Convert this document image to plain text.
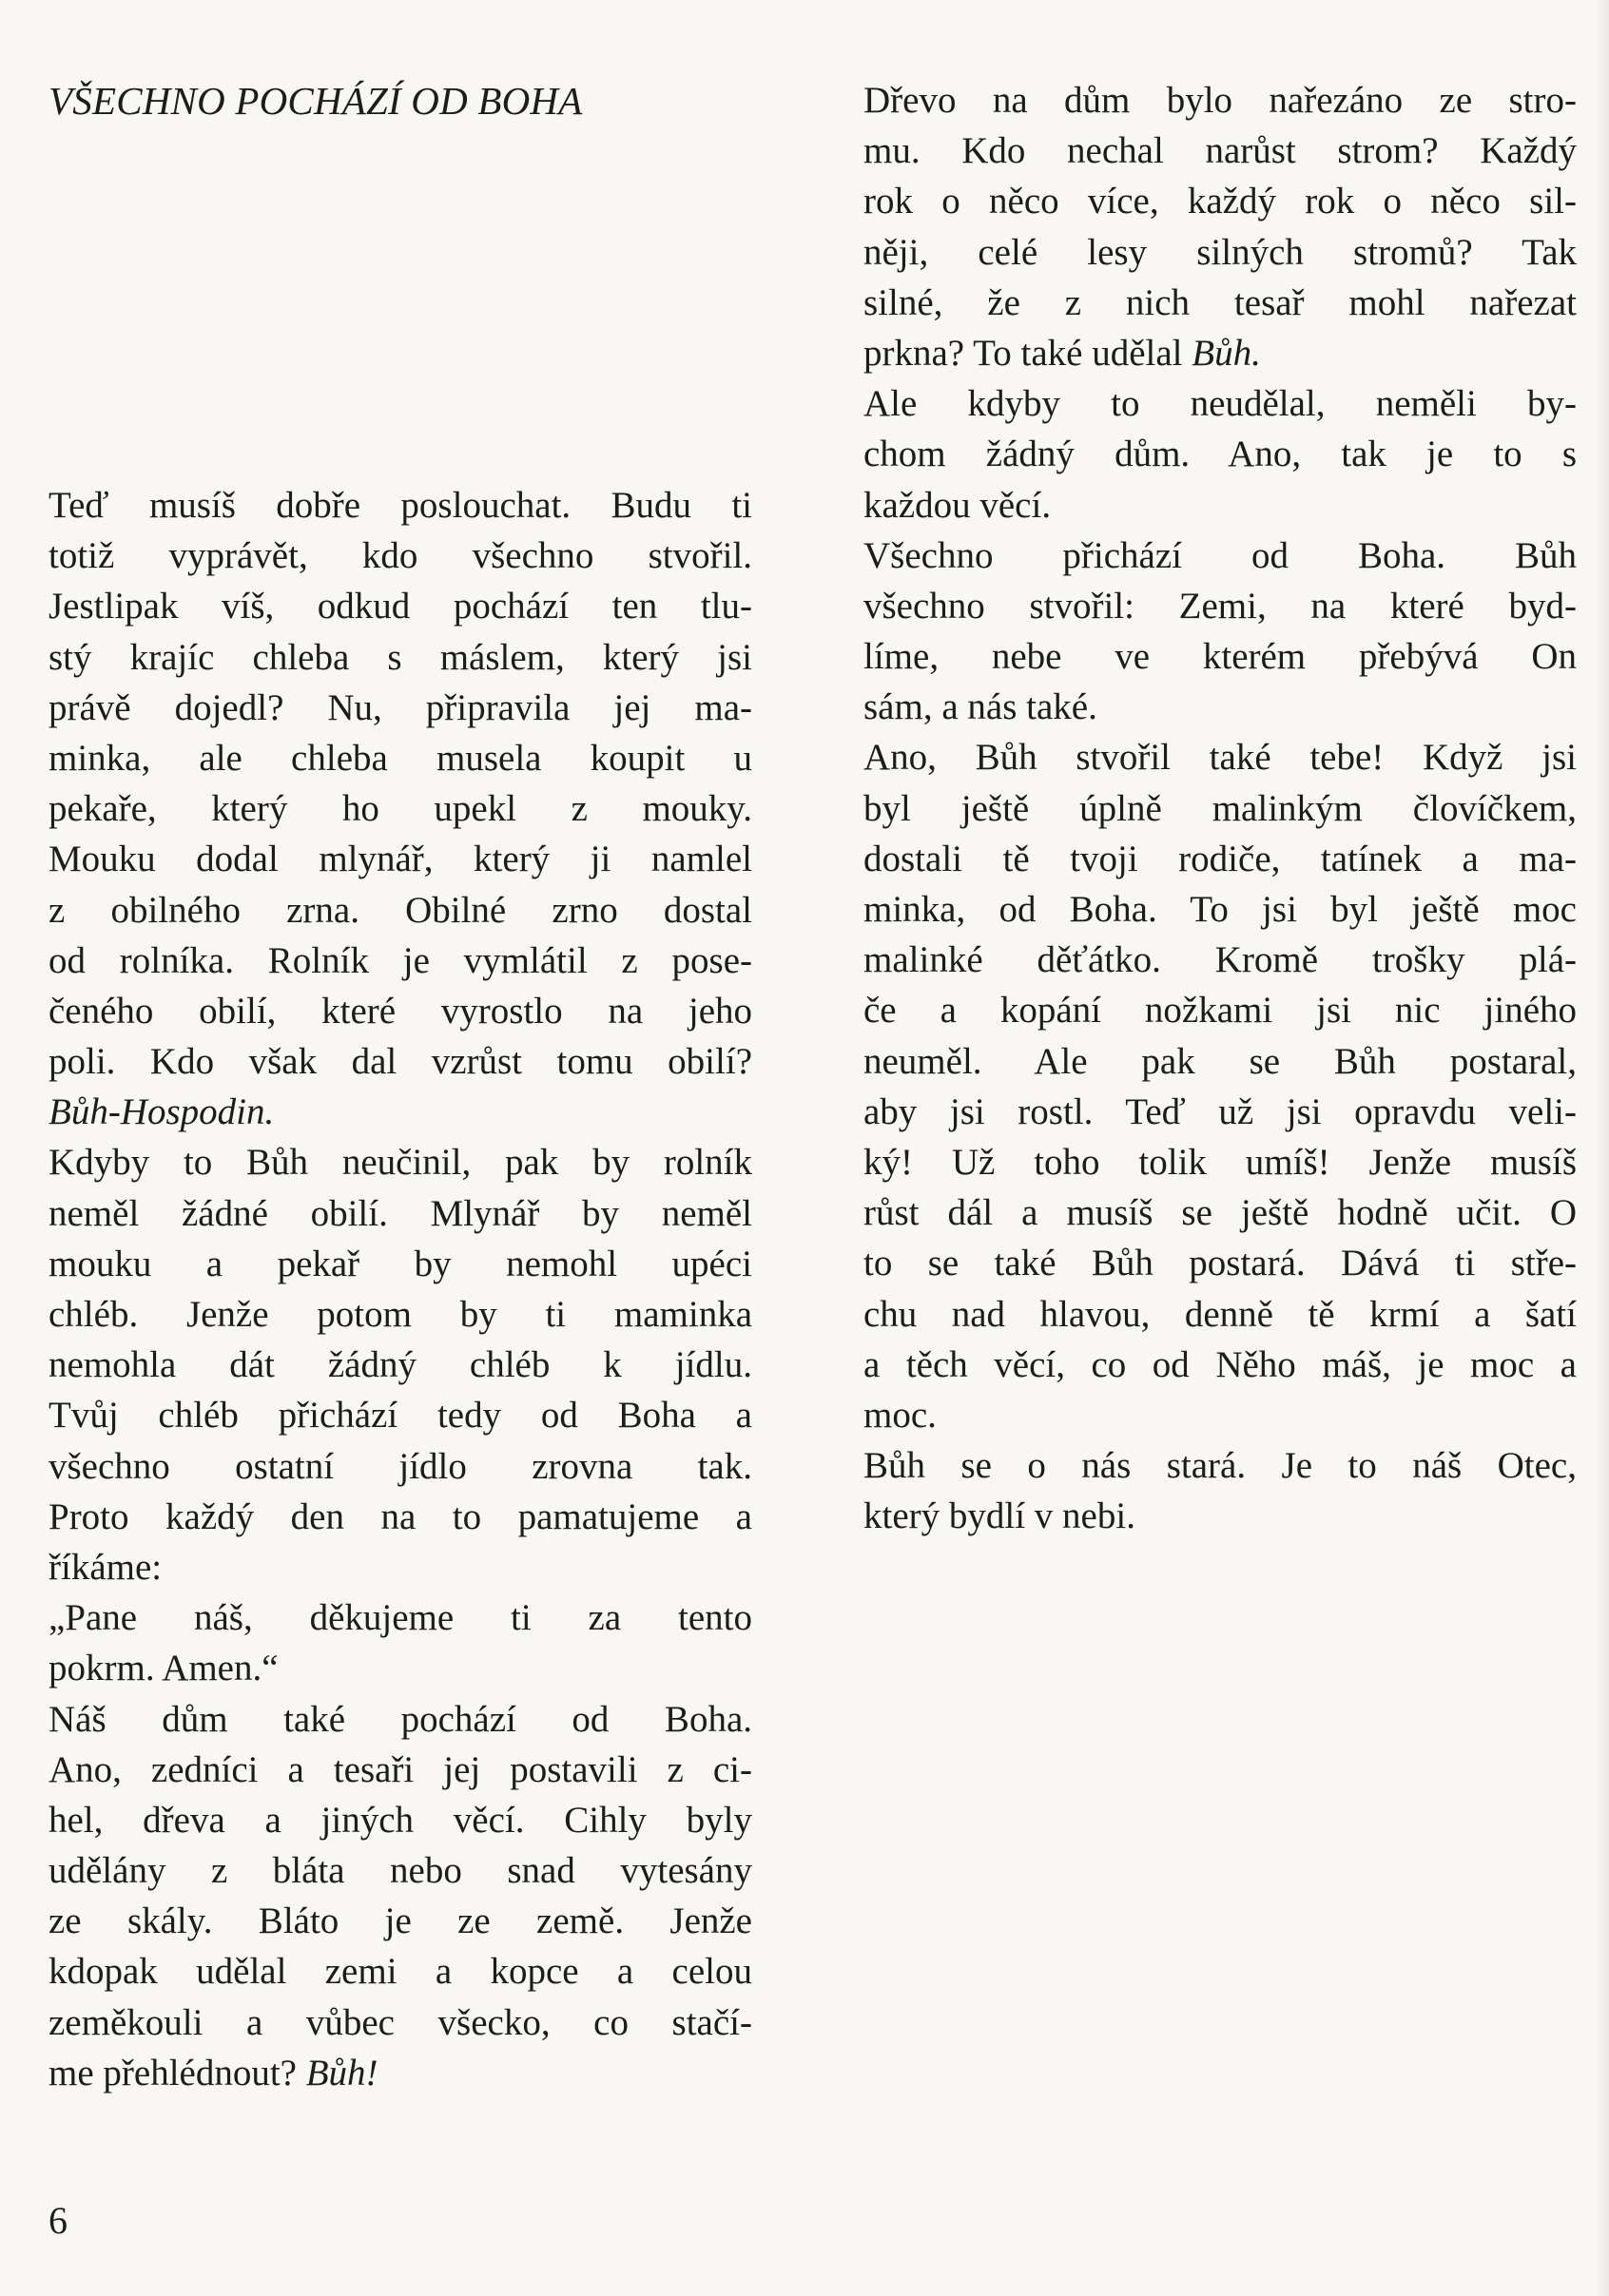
VŠECHNO POCHÁZÍ OD BOHA
Teď musíš dobře poslouchat. Budu ti
totiž vyprávět, kdo všechno stvořil.
Jestlipak víš, odkud pochází ten tlu-
stý krajíc chleba s máslem, který jsi
právě dojedl? Nu, připravila jej ma-
minka, ale chleba musela koupit u
pekaře, který ho upekl z mouky.
Mouku dodal mlynář, který ji namlel
z obilného zrna. Obilné zrno dostal
od rolníka. Rolník je vymlátil z pose-
čeného obilí, které vyrostlo na jeho
poli. Kdo však dal vzrůst tomu obilí?
Bůh-Hospodin.
Kdyby to Bůh neučinil, pak by rolník
neměl žádné obilí. Mlynář by neměl
mouku a pekař by nemohl upéci
chléb. Jenže potom by ti maminka
nemohla dát žádný chléb k jídlu.
Tvůj chléb přichází tedy od Boha a
všechno ostatní jídlo zrovna tak.
Proto každý den na to pamatujeme a
říkáme:
„Pane náš, děkujeme ti za tento
pokrm. Amen.“
Náš dům také pochází od Boha.
Ano, zedníci a tesaři jej postavili z ci-
hel, dřeva a jiných věcí. Cihly byly
udělány z bláta nebo snad vytesány
ze skály. Bláto je ze země. Jenže
kdopak udělal zemi a kopce a celou
zeměkouli a vůbec všecko, co stačí-
me přehlédnout? Bůh!
Dřevo na dům bylo nařezáno ze stro-
mu. Kdo nechal narůst strom? Každý
rok o něco více, každý rok o něco sil-
něji, celé lesy silných stromů? Tak
silné, že z nich tesař mohl nařezat
prkna? To také udělal Bůh.
Ale kdyby to neudělal, neměli by-
chom žádný dům. Ano, tak je to s
každou věcí.
Všechno přichází od Boha. Bůh
všechno stvořil: Zemi, na které byd-
líme, nebe ve kterém přebývá On
sám, a nás také.
Ano, Bůh stvořil také tebe! Když jsi
byl ještě úplně malinkým človíčkem,
dostali tě tvoji rodiče, tatínek a ma-
minka, od Boha. To jsi byl ještě moc
malinké děťátko. Kromě trošky plá-
če a kopání nožkami jsi nic jiného
neuměl. Ale pak se Bůh postaral,
aby jsi rostl. Teď už jsi opravdu veli-
ký! Už toho tolik umíš! Jenže musíš
růst dál a musíš se ještě hodně učit. O
to se také Bůh postará. Dává ti stře-
chu nad hlavou, denně tě krmí a šatí
a těch věcí, co od Něho máš, je moc a
moc.
Bůh se o nás stará. Je to náš Otec,
který bydlí v nebi.
6
